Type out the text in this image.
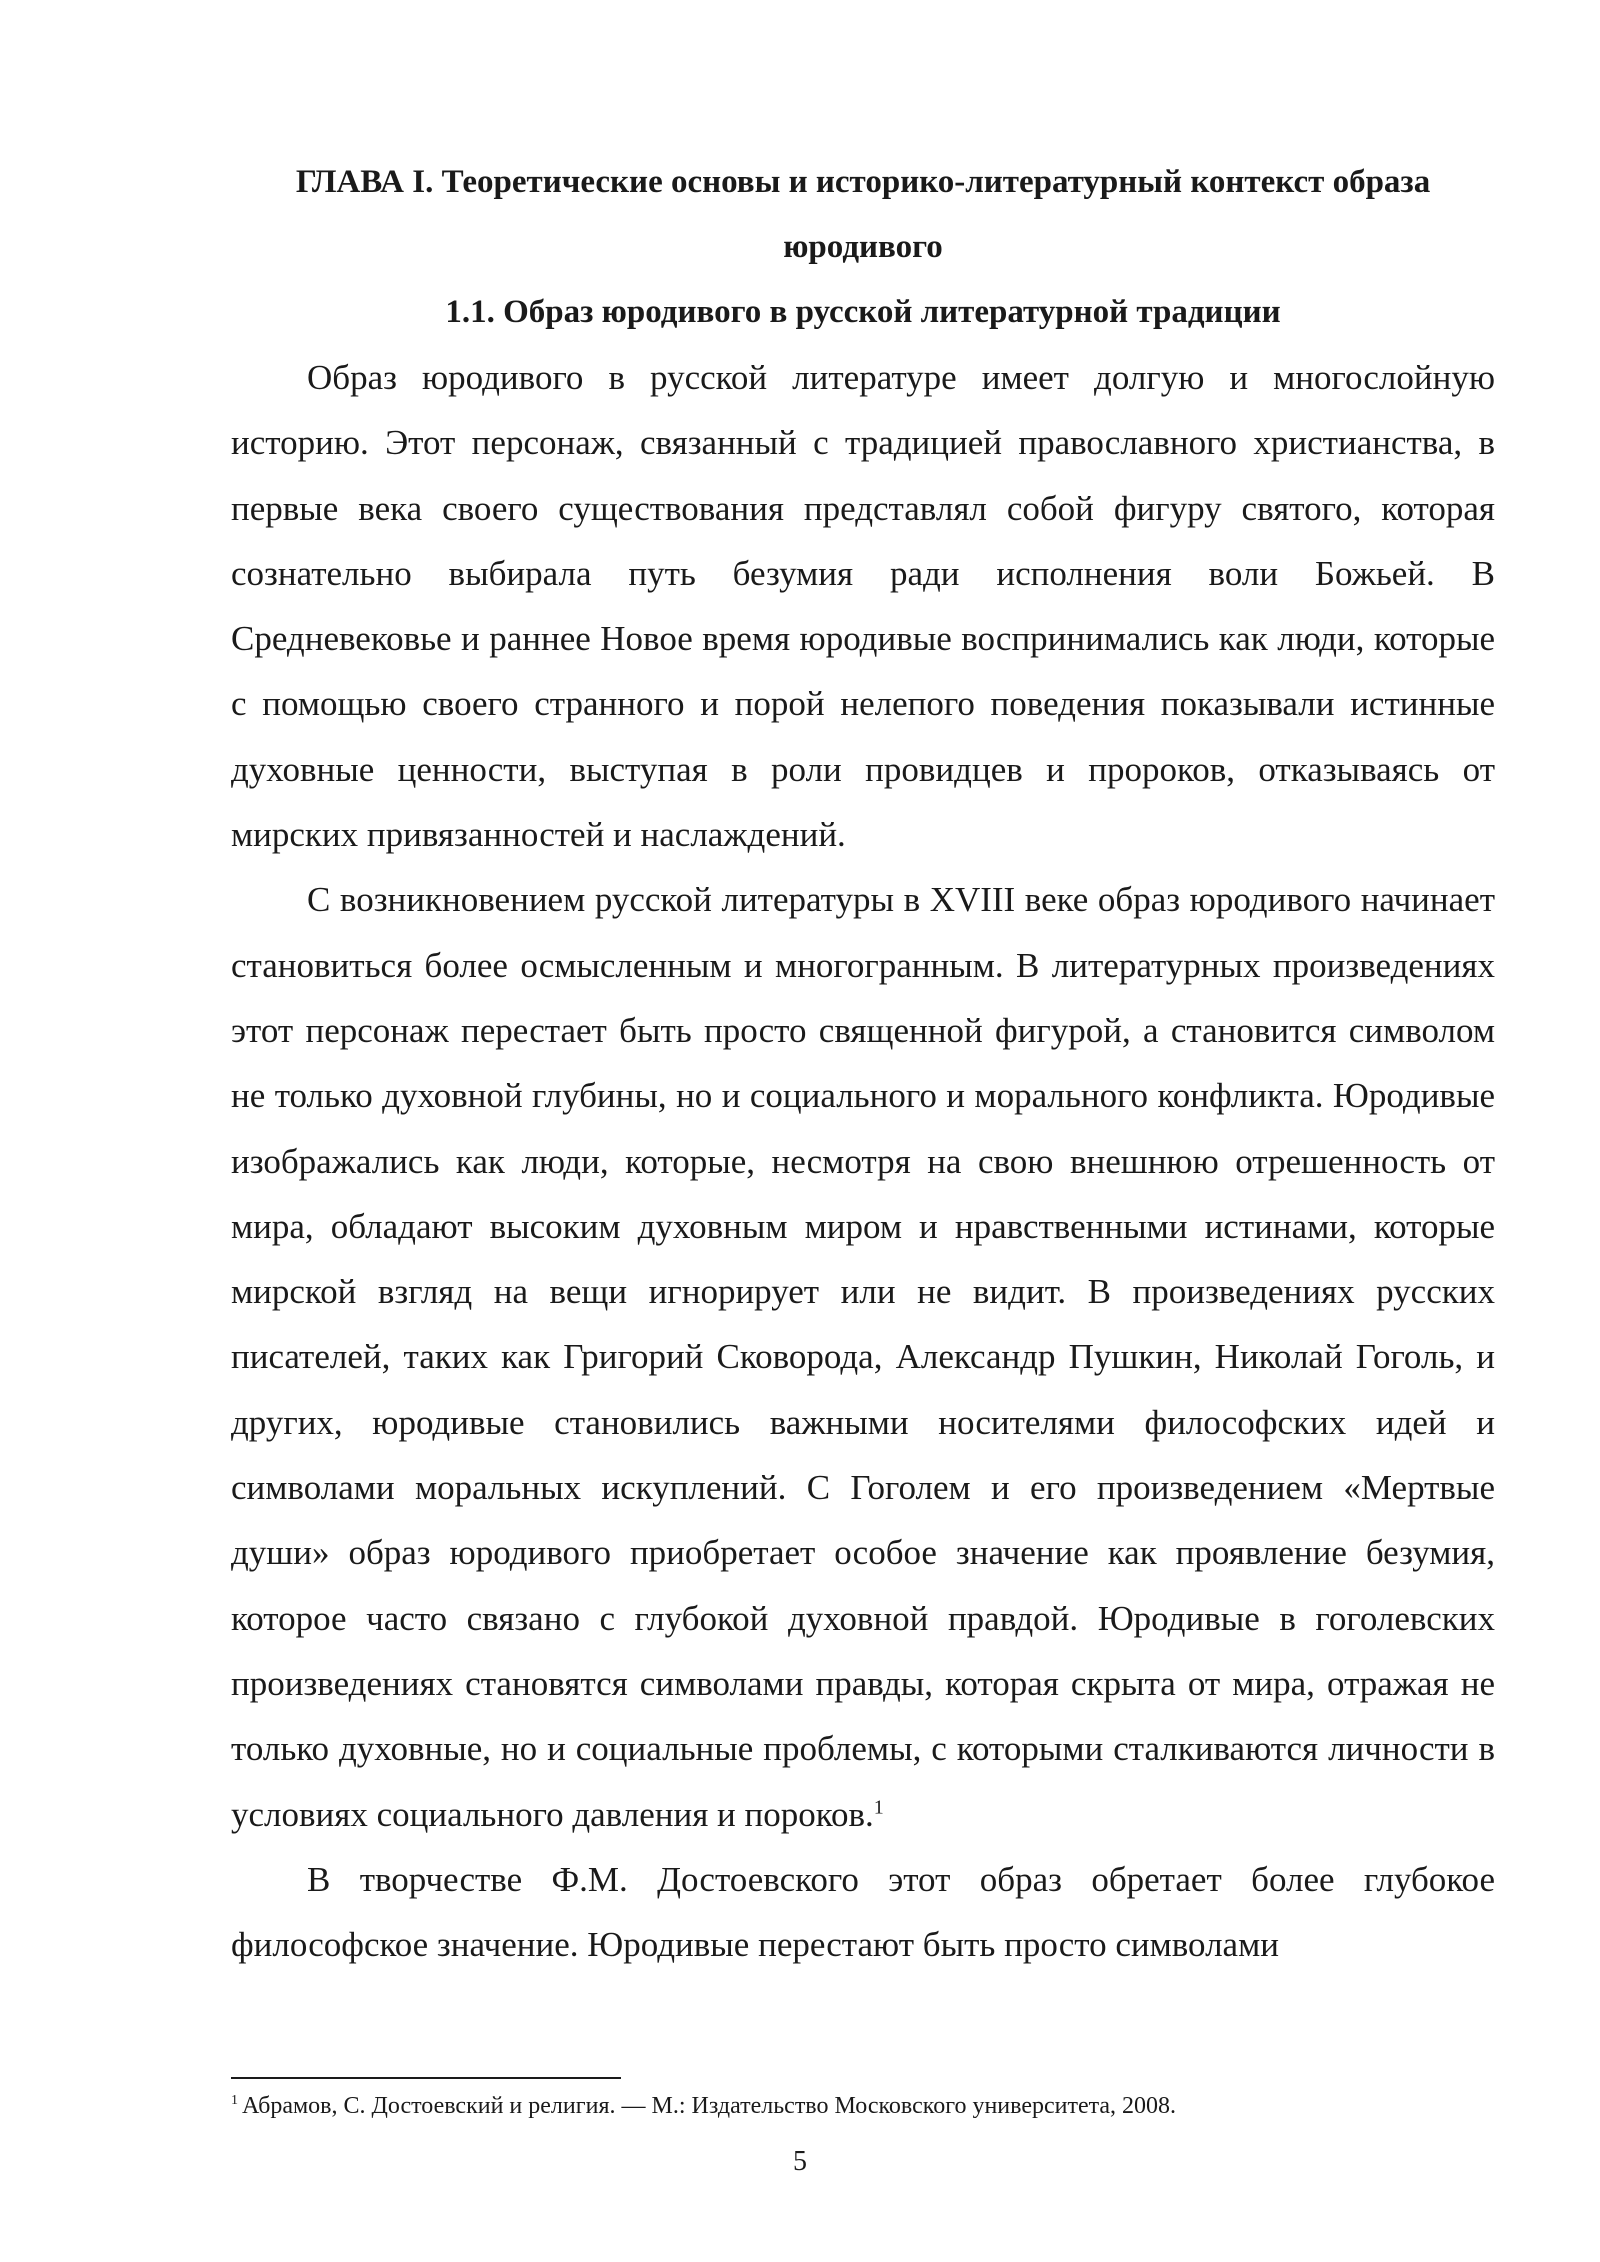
ГЛАВА I. Теоретические основы и историко-литературный контекст образа юродивого
1.1. Образ юродивого в русской литературной традиции

Образ юродивого в русской литературе имеет долгую и многослойную историю. Этот персонаж, связанный с традицией православного христианства, в первые века своего существования представлял собой фигуру святого, которая сознательно выбирала путь безумия ради исполнения воли Божьей. В Средневековье и раннее Новое время юродивые воспринимались как люди, которые с помощью своего странного и порой нелепого поведения показывали истинные духовные ценности, выступая в роли провидцев и пророков, отказываясь от мирских привязанностей и наслаждений.

С возникновением русской литературы в XVIII веке образ юродивого начинает становиться более осмысленным и многогранным. В литературных произведениях этот персонаж перестает быть просто священной фигурой, а становится символом не только духовной глубины, но и социального и морального конфликта. Юродивые изображались как люди, которые, несмотря на свою внешнюю отрешенность от мира, обладают высоким духовным миром и нравственными истинами, которые мирской взгляд на вещи игнорирует или не видит. В произведениях русских писателей, таких как Григорий Сковорода, Александр Пушкин, Николай Гоголь, и других, юродивые становились важными носителями философских идей и символами моральных искуплений. С Гоголем и его произведением «Мертвые души» образ юродивого приобретает особое значение как проявление безумия, которое часто связано с глубокой духовной правдой. Юродивые в гоголевских произведениях становятся символами правды, которая скрыта от мира, отражая не только духовные, но и социальные проблемы, с которыми сталкиваются личности в условиях социального давления и пороков.$^1$

В творчестве Ф.М. Достоевского этот образ обретает более глубокое философское значение. Юродивые перестают быть просто символами

$^1$ Абрамов, С. Достоевский и религия. — М.: Издательство Московского университета, 2008.

5
